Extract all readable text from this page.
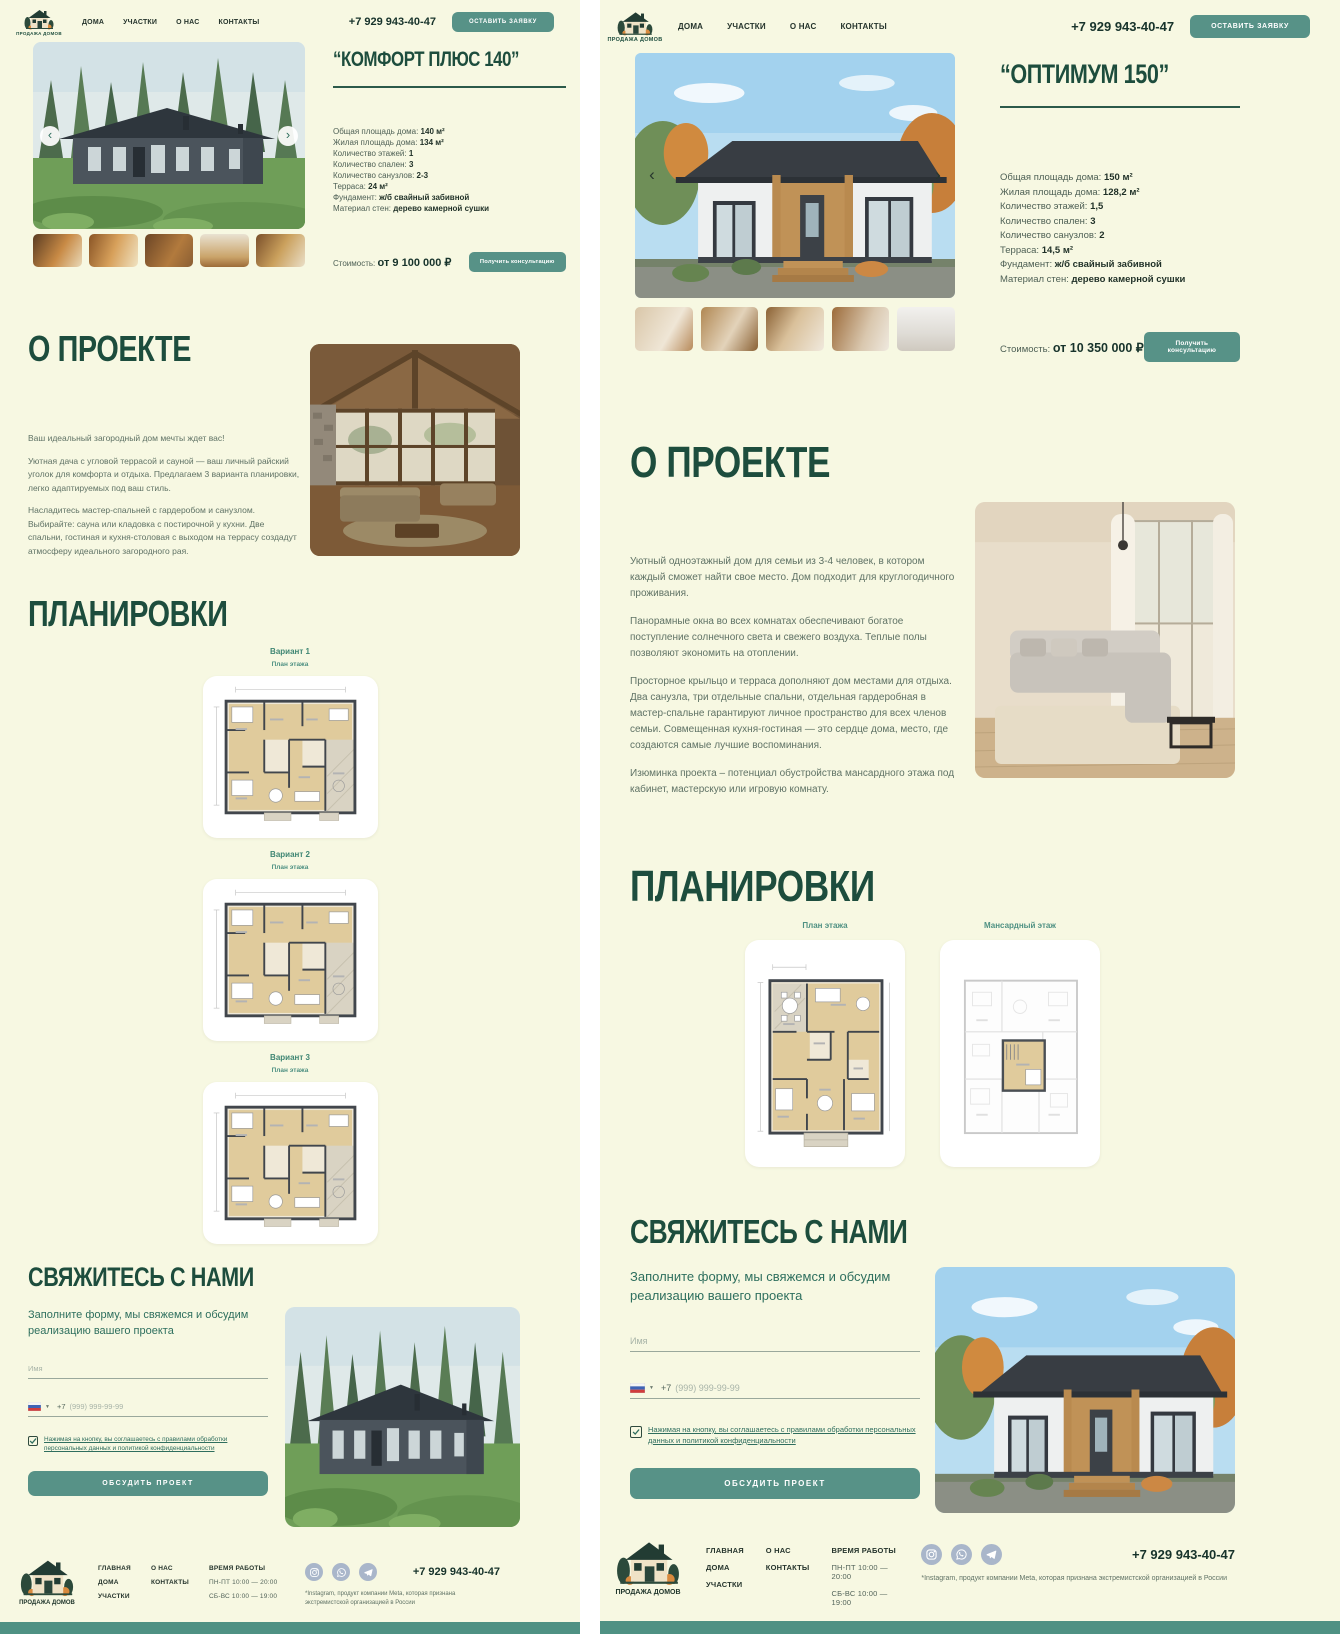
ПРОДАЖА ДОМОВ
ДОМА	УЧАСТКИ	О НАС	КОНТАКТЫ	+7 929 943-40-47	ОСТАВИТЬ ЗАЯВКУ
‹	›
“КОМФОРТ ПЛЮС 140”
Общая площадь дома: 140 м²
Жилая площадь дома: 134 м²
Количество этажей: 1
Количество спален: 3
Количество санузлов: 2-3
Терраса: 24 м²
Фундамент: ж/б свайный забивной
Материал стен: дерево камерной сушки
Стоимость: от 9 100 000 ₽	Получить консультацию
О ПРОЕКТЕ

Ваш идеальный загородный дом мечты ждет вас!

Уютная дача с угловой террасой и сауной — ваш личный райский уголок для комфорта и отдыха. Предлагаем 3 варианта планировки, легко адаптируемых под ваш стиль.

Насладитесь мастер-спальней с гардеробом и санузлом. Выбирайте: сауна или кладовка с постирочной у кухни. Две спальни, гостиная и кухня-столовая с выходом на террасу создадут атмосферу идеального загородного рая.

ПЛАНИРОВКИ
Вариант 1
План этажа
Вариант 2
План этажа
Вариант 3
План этажа
СВЯЖИТЕСЬ С НАМИ

Заполните форму, мы свяжемся и обсудим реализацию вашего проекта

Имя
▼ +7 (999) 999-99-99
Нажимая на кнопку, вы соглашаетесь с правилами обработки персональных данных и политикой конфиденциальности
ОБСУДИТЬ ПРОЕКТ
ПРОДАЖА ДОМОВ
ГЛАВНАЯ
ДОМА
УЧАСТКИ
О НАС
КОНТАКТЫ
ВРЕМЯ РАБОТЫ
ПН-ПТ 10:00 — 20:00
СБ-ВС 10:00 — 19:00
+7 929 943-40-47

*Instagram, продукт компании Meta, которая признана экстремистской организацией в России

ПРОДАЖА ДОМОВ
ДОМА	УЧАСТКИ	О НАС	КОНТАКТЫ	+7 929 943-40-47	ОСТАВИТЬ ЗАЯВКУ
‹	›
“ОПТИМУМ 150”
Общая площадь дома: 150 м²
Жилая площадь дома: 128,2 м²
Количество этажей: 1,5
Количество спален: 3
Количество санузлов: 2
Терраса: 14,5 м²
Фундамент: ж/б свайный забивной
Материал стен: дерево камерной сушки
Стоимость: от 10 350 000 ₽	Получить консультацию
О ПРОЕКТЕ

Уютный одноэтажный дом для семьи из 3-4 человек, в котором каждый сможет найти свое место. Дом подходит для круглогодичного проживания.

Панорамные окна во всех комнатах обеспечивают богатое поступление солнечного света и свежего воздуха. Теплые полы позволяют экономить на отоплении.

Просторное крыльцо и терраса дополняют дом местами для отдыха. Два санузла, три отдельные спальни, отдельная гардеробная в мастер-спальне гарантируют личное пространство для всех членов семьи. Совмещенная кухня-гостиная — это сердце дома, место, где создаются самые лучшие воспоминания.

Изюминка проекта – потенциал обустройства мансардного этажа под кабинет, мастерскую или игровую комнату.

ПЛАНИРОВКИ
План этажа	Мансардный этаж
СВЯЖИТЕСЬ С НАМИ

Заполните форму, мы свяжемся и обсудим реализацию вашего проекта

Имя
▼ +7 (999) 999-99-99
Нажимая на кнопку, вы соглашаетесь с правилами обработки персональных данных и политикой конфиденциальности
ОБСУДИТЬ ПРОЕКТ
ПРОДАЖА ДОМОВ
ГЛАВНАЯ
ДОМА
УЧАСТКИ
О НАС
КОНТАКТЫ
ВРЕМЯ РАБОТЫ
ПН-ПТ 10:00 — 20:00
СБ-ВС 10:00 — 19:00
+7 929 943-40-47

*Instagram, продукт компании Meta, которая признана экстремистской организацией в России
